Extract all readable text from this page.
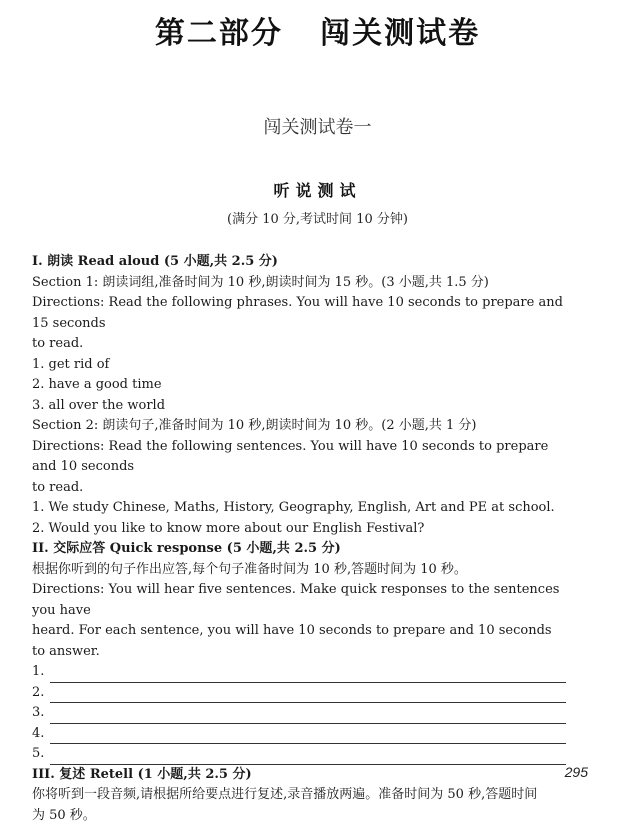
第二部分   闯关测试卷
闯关测试卷一
听说测试
(满分 10 分,考试时间 10 分钟)

I. 朗读 Read aloud (5 小题,共 2.5 分)

Section 1: 朗读词组,准备时间为 10 秒,朗读时间为 15 秒。(3 小题,共 1.5 分)

Directions: Read the following phrases. You will have 10 seconds to prepare and 15 seconds

to read.

1. get rid of

2. have a good time

3. all over the world

Section 2: 朗读句子,准备时间为 10 秒,朗读时间为 10 秒。(2 小题,共 1 分)

Directions: Read the following sentences. You will have 10 seconds to prepare and 10 seconds

to read.

1. We study Chinese, Maths, History, Geography, English, Art and PE at school.

2. Would you like to know more about our English Festival?

II. 交际应答 Quick response (5 小题,共 2.5 分)

根据你听到的句子作出应答,每个句子准备时间为 10 秒,答题时间为 10 秒。

Directions: You will hear five sentences. Make quick responses to the sentences you have

heard. For each sentence, you will have 10 seconds to prepare and 10 seconds to answer.

1.
2.
3.
4.
5.

III. 复述 Retell (1 小题,共 2.5 分)

你将听到一段音频,请根据所给要点进行复述,录音播放两遍。准备时间为 50 秒,答题时间

为 50 秒。

295
